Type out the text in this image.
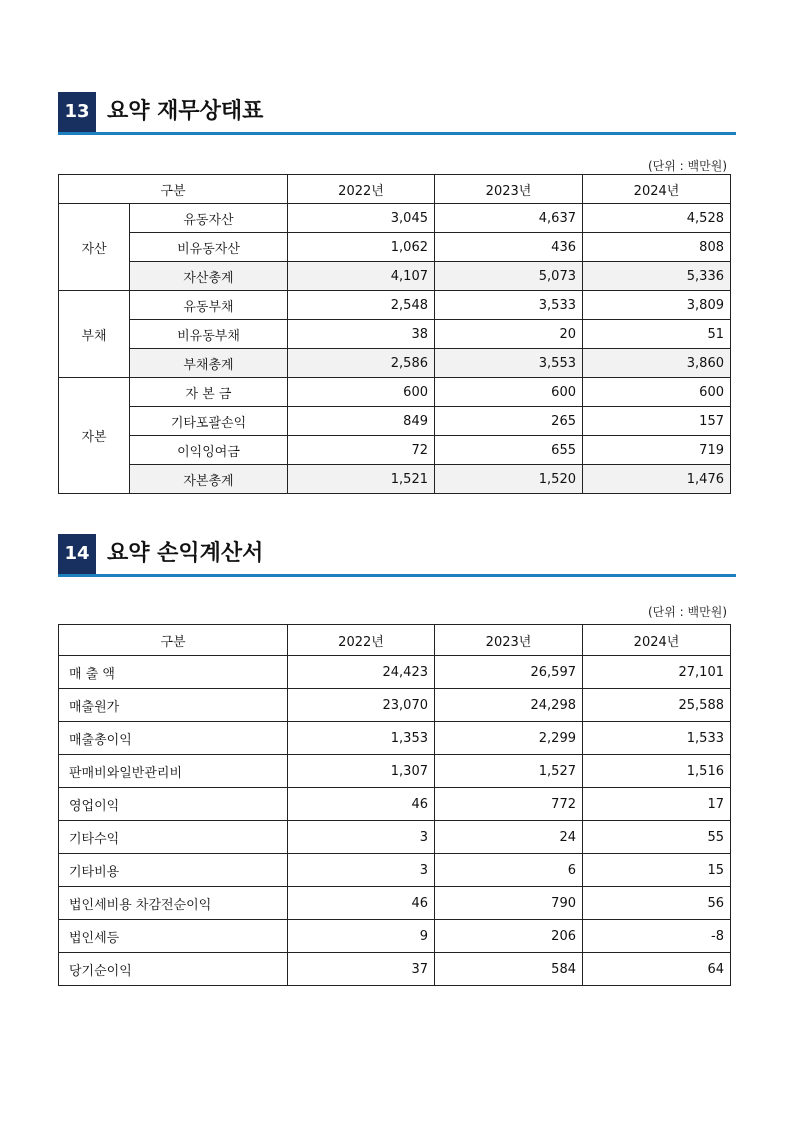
13 요약 재무상태표
(단위 : 백만원)
구분		2022년	2023년	2024년
자산	유동자산	3,045	4,637	4,528
	비유동자산	1,062	436	808
	자산총계	4,107	5,073	5,336
부채	유동부채	2,548	3,533	3,809
	비유동부채	38	20	51
	부채총계	2,586	3,553	3,860
자본	자 본 금	600	600	600
	기타포괄손익	849	265	157
	이익잉여금	72	655	719
	자본총계	1,521	1,520	1,476
14 요약 손익계산서
(단위 : 백만원)
구분	2022년	2023년	2024년
매 출 액	24,423	26,597	27,101
매출원가	23,070	24,298	25,588
매출총이익	1,353	2,299	1,533
판매비와일반관리비	1,307	1,527	1,516
영업이익	46	772	17
기타수익	3	24	55
기타비용	3	6	15
법인세비용 차감전순이익	46	790	56
법인세등	9	206	-8
당기순이익	37	584	64
